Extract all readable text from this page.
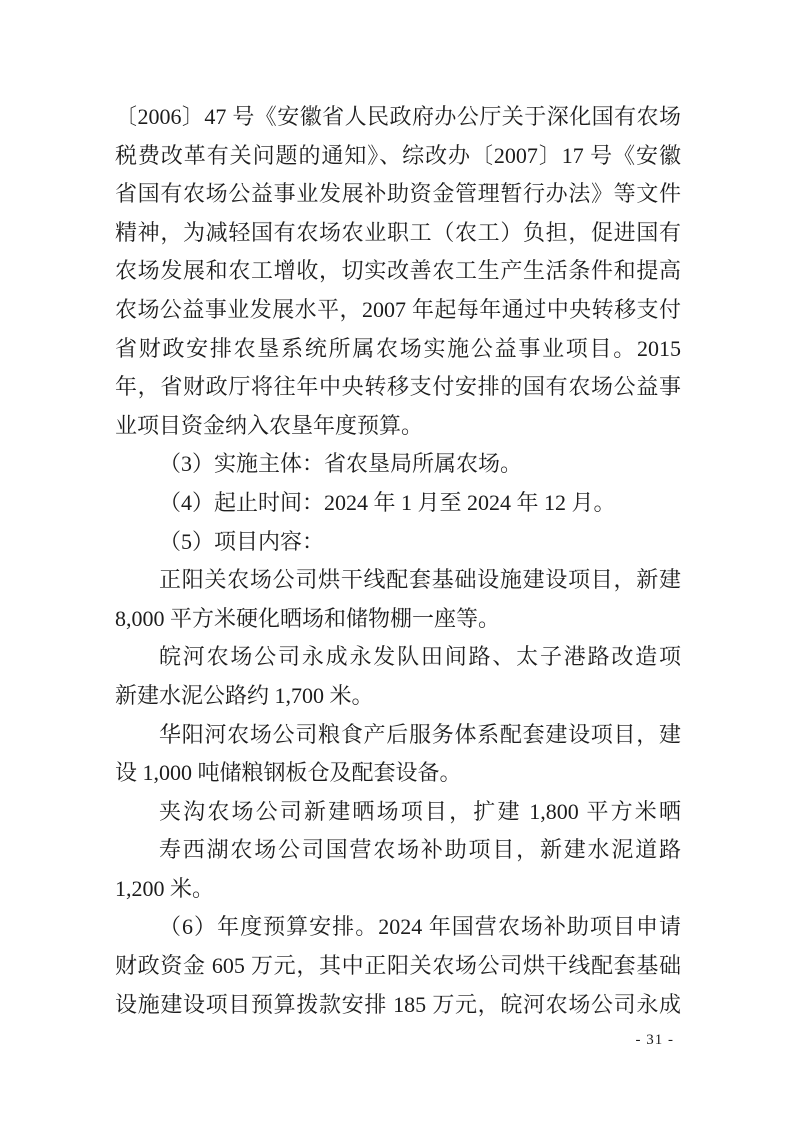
〔2006〕47 号《安徽省人民政府办公厅关于深化国有农场
税费改革有关问题的通知》、综改办〔2007〕17 号《安徽
省国有农场公益事业发展补助资金管理暂行办法》等文件
精神，为减轻国有农场农业职工（农工）负担，促进国有
农场发展和农工增收，切实改善农工生产生活条件和提高
农场公益事业发展水平，2007 年起每年通过中央转移支付
省财政安排农垦系统所属农场实施公益事业项目。2015
年，省财政厅将往年中央转移支付安排的国有农场公益事
业项目资金纳入农垦年度预算。
（3）实施主体：省农垦局所属农场。
（4）起止时间：2024 年 1 月至 2024 年 12 月。
（5）项目内容：
正阳关农场公司烘干线配套基础设施建设项目，新建
8,000 平方米硬化晒场和储物棚一座等。
皖河农场公司永成永发队田间路、太子港路改造项
新建水泥公路约 1,700 米。
华阳河农场公司粮食产后服务体系配套建设项目，建
设 1,000 吨储粮钢板仓及配套设备。
夹沟农场公司新建晒场项目，扩建 1,800 平方米晒
寿西湖农场公司国营农场补助项目，新建水泥道路
1,200 米。
（6）年度预算安排。2024 年国营农场补助项目申请
财政资金 605 万元，其中正阳关农场公司烘干线配套基础
设施建设项目预算拨款安排 185 万元，皖河农场公司永成
- 31 -
